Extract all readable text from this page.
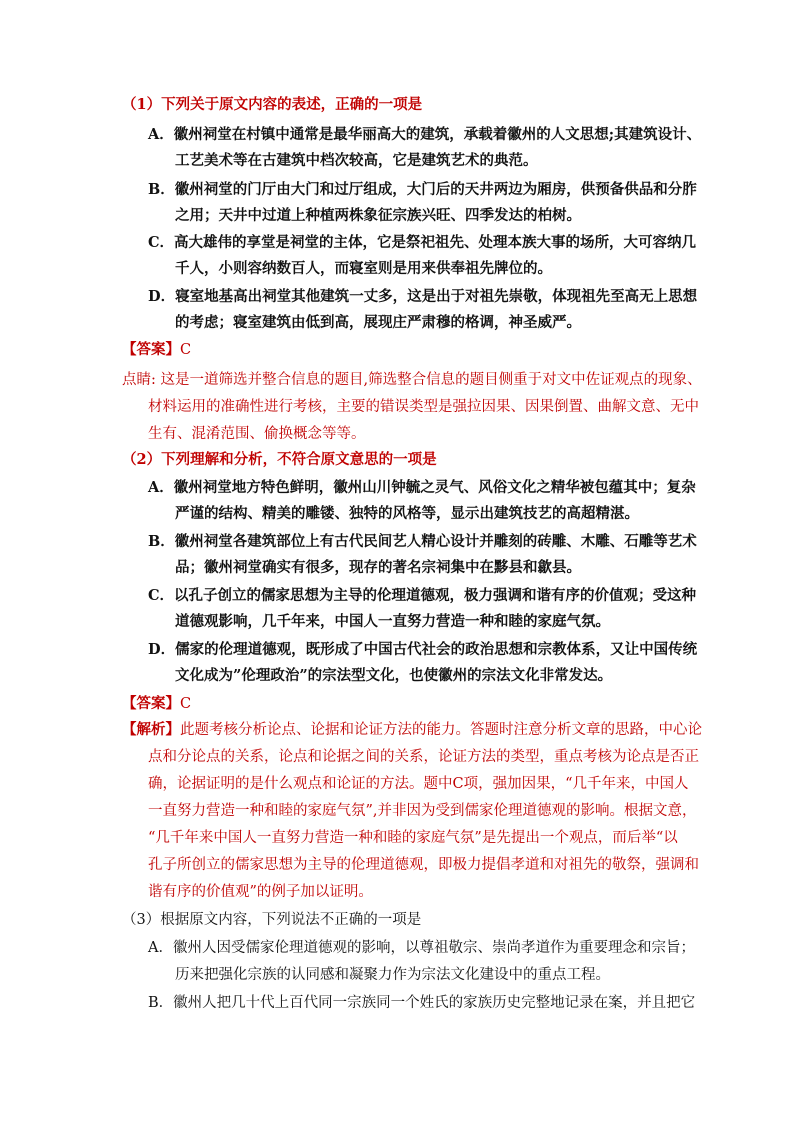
（1）下列关于原文内容的表述，正确的一项是
A．徽州祠堂在村镇中通常是最华丽高大的建筑，承载着徽州的人文思想;其建筑设计、
工艺美术等在古建筑中档次较高，它是建筑艺术的典范。
B．徽州祠堂的门厅由大门和过厅组成，大门后的天井两边为厢房，供预备供品和分胙
之用；天井中过道上种植两株象征宗族兴旺、四季发达的柏树。
C．高大雄伟的享堂是祠堂的主体，它是祭祀祖先、处理本族大事的场所，大可容纳几
千人，小则容纳数百人，而寝室则是用来供奉祖先牌位的。
D．寝室地基高出祠堂其他建筑一丈多，这是出于对祖先崇敬，体现祖先至高无上思想
的考虑；寝室建筑由低到高，展现庄严肃穆的格调，神圣威严。
【答案】C
点睛: 这是一道筛选并整合信息的题目,筛选整合信息的题目侧重于对文中佐证观点的现象、
材料运用的准确性进行考核，主要的错误类型是强拉因果、因果倒置、曲解文意、无中
生有、混淆范围、偷换概念等等。
（2）下列理解和分析，不符合原文意思的一项是
A．徽州祠堂地方特色鲜明，徽州山川钟毓之灵气、风俗文化之精华被包蕴其中；复杂
严谨的结构、精美的雕镂、独特的风格等，显示出建筑技艺的高超精湛。
B．徽州祠堂各建筑部位上有古代民间艺人精心设计并雕刻的砖雕、木雕、石雕等艺术
品；徽州祠堂确实有很多，现存的著名宗祠集中在黟县和歙县。
C．以孔子创立的儒家思想为主导的伦理道德观，极力强调和谐有序的价值观；受这种
道德观影响，几千年来，中国人一直努力营造一种和睦的家庭气氛。
D．儒家的伦理道德观，既形成了中国古代社会的政治思想和宗教体系，又让中国传统
文化成为”伦理政治”的宗法型文化，也使徽州的宗法文化非常发达。
【答案】C
【解析】此题考核分析论点、论据和论证方法的能力。答题时注意分析文章的思路，中心论
点和分论点的关系，论点和论据之间的关系，论证方法的类型，重点考核为论点是否正
确，论据证明的是什么观点和论证的方法。题中C项，强加因果，“几千年来，中国人
一直努力营造一种和睦的家庭气氛”,并非因为受到儒家伦理道德观的影响。根据文意，
“几千年来中国人一直努力营造一种和睦的家庭气氛”是先提出一个观点，而后举“以
孔子所创立的儒家思想为主导的伦理道德观，即极力提倡孝道和对祖先的敬祭，强调和
谐有序的价值观”的例子加以证明。
（3）根据原文内容，下列说法不正确的一项是
A．徽州人因受儒家伦理道德观的影响，以尊祖敬宗、崇尚孝道作为重要理念和宗旨；
历来把强化宗族的认同感和凝聚力作为宗法文化建设中的重点工程。
B．徽州人把几十代上百代同一宗族同一个姓氏的家族历史完整地记录在案，并且把它
